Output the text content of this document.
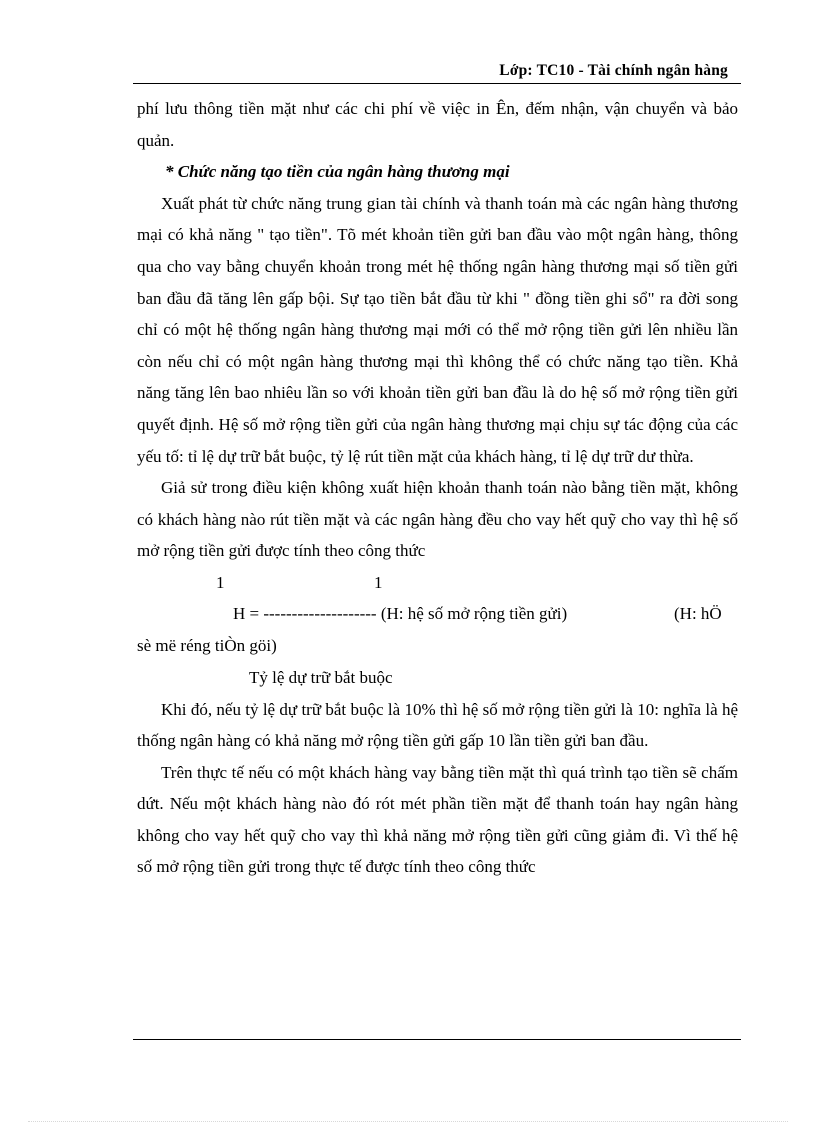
Lớp: TC10 - Tài chính ngân hàng

phí lưu thông tiền mặt như các chi phí về việc in Ên, đếm nhận, vận chuyển và bảo quản.

* Chức năng tạo tiền của ngân hàng thương mại

Xuất phát từ chức năng trung gian tài chính và thanh toán mà các ngân hàng thương mại có khả năng " tạo tiền". Tõ mét khoản tiền gửi ban đầu vào một ngân hàng, thông qua cho vay bằng chuyển khoản trong mét hệ thống ngân hàng thương mại số tiền gửi ban đầu đã tăng lên gấp bội. Sự tạo tiền bắt đầu từ khi " đồng tiền ghi sổ" ra đời song chỉ có một hệ thống ngân hàng thương mại mới có thể mở rộng tiền gửi lên nhiều lần còn nếu chỉ có một ngân hàng thương mại thì không thể có chức năng tạo tiền. Khả năng tăng lên bao nhiêu lần so với khoản tiền gửi ban đầu là do hệ số mở rộng tiền gửi quyết định. Hệ số mở rộng tiền gửi của ngân hàng thương mại chịu sự tác động của các yếu tố: tỉ lệ dự trữ bắt buộc, tỷ lệ rút tiền mặt của khách hàng, tỉ lệ dự trữ dư thừa.

Giả sử trong điều kiện không xuất hiện khoản thanh toán nào bằng tiền mặt, không có khách hàng nào rút tiền mặt và các ngân hàng đều cho vay hết quỹ cho vay thì hệ số mở rộng tiền gửi được tính theo công thức

1	1
H = -------------------- (H: hệ số mở rộng tiền gửi)	(H: hÖ
sè më réng tiÒn göi)

Tỷ lệ dự trữ bắt buộc

Khi đó, nếu tỷ lệ dự trữ bắt buộc là 10% thì hệ số mở rộng tiền gửi là 10: nghĩa là hệ thống ngân hàng có khả năng mở rộng tiền gửi gấp 10 lần tiền gửi ban đầu.

Trên thực tế nếu có một khách hàng vay bằng tiền mặt thì quá trình tạo tiền sẽ chấm dứt. Nếu một khách hàng nào đó rót mét phần tiền mặt để thanh toán hay ngân hàng không cho vay hết quỹ cho vay thì khả năng mở rộng tiền gửi cũng giảm đi. Vì thế hệ số mở rộng tiền gửi trong thực tế được tính theo công thức
